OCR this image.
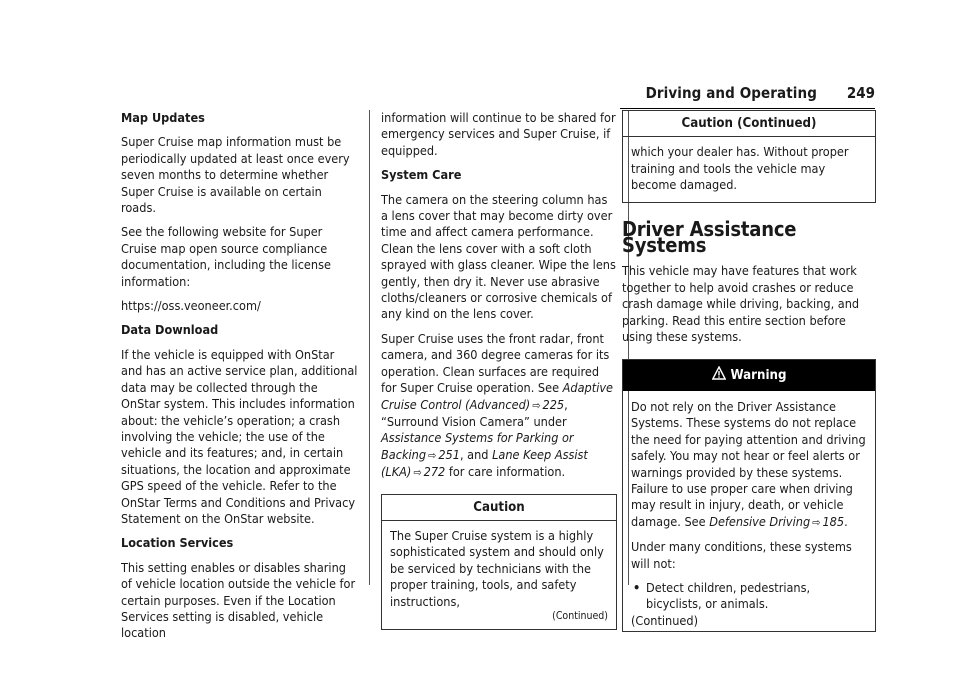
Driving and Operating 249

Map Updates

Super Cruise map information must be periodically updated at least once every seven months to determine whether Super Cruise is available on certain roads.

See the following website for Super Cruise map open source compliance documentation, including the license information:

https://oss.veoneer.com/

Data Download

If the vehicle is equipped with OnStar and has an active service plan, additional data may be collected through the OnStar system. This includes information about: the vehicle’s operation; a crash involving the vehicle; the use of the vehicle and its features; and, in certain situations, the location and approximate GPS speed of the vehicle. Refer to the OnStar Terms and Conditions and Privacy Statement on the OnStar website.

Location Services

This setting enables or disables sharing of vehicle location outside the vehicle for certain purposes. Even if the Location Services setting is disabled, vehicle location

information will continue to be shared for emergency services and Super Cruise, if equipped.

System Care

The camera on the steering column has a lens cover that may become dirty over time and affect camera performance. Clean the lens cover with a soft cloth sprayed with glass cleaner. Wipe the lens gently, then dry it. Never use abrasive cloths/cleaners or corrosive chemicals of any kind on the lens cover.

Super Cruise uses the front radar, front camera, and 360 degree cameras for its operation. Clean surfaces are required for Super Cruise operation. See Adaptive Cruise Control (Advanced) ⇨ 225, “Surround Vision Camera” under Assistance Systems for Parking or Backing ⇨ 251, and Lane Keep Assist (LKA) ⇨ 272 for care information.

Caution
The Super Cruise system is a highly sophisticated system and should only be serviced by technicians with the proper training, tools, and safety instructions,
(Continued)
Caution (Continued)
which your dealer has. Without proper training and tools the vehicle may become damaged.
Driver Assistance Systems

This vehicle may have features that work together to help avoid crashes or reduce crash damage while driving, backing, and parking. Read this entire section before using these systems.

Warning

Do not rely on the Driver Assistance Systems. These systems do not replace the need for paying attention and driving safely. You may not hear or feel alerts or warnings provided by these systems. Failure to use proper care when driving may result in injury, death, or vehicle damage. See Defensive Driving ⇨ 185.

Under many conditions, these systems will not:

• Detect children, pedestrians, bicyclists, or animals.
(Continued)
